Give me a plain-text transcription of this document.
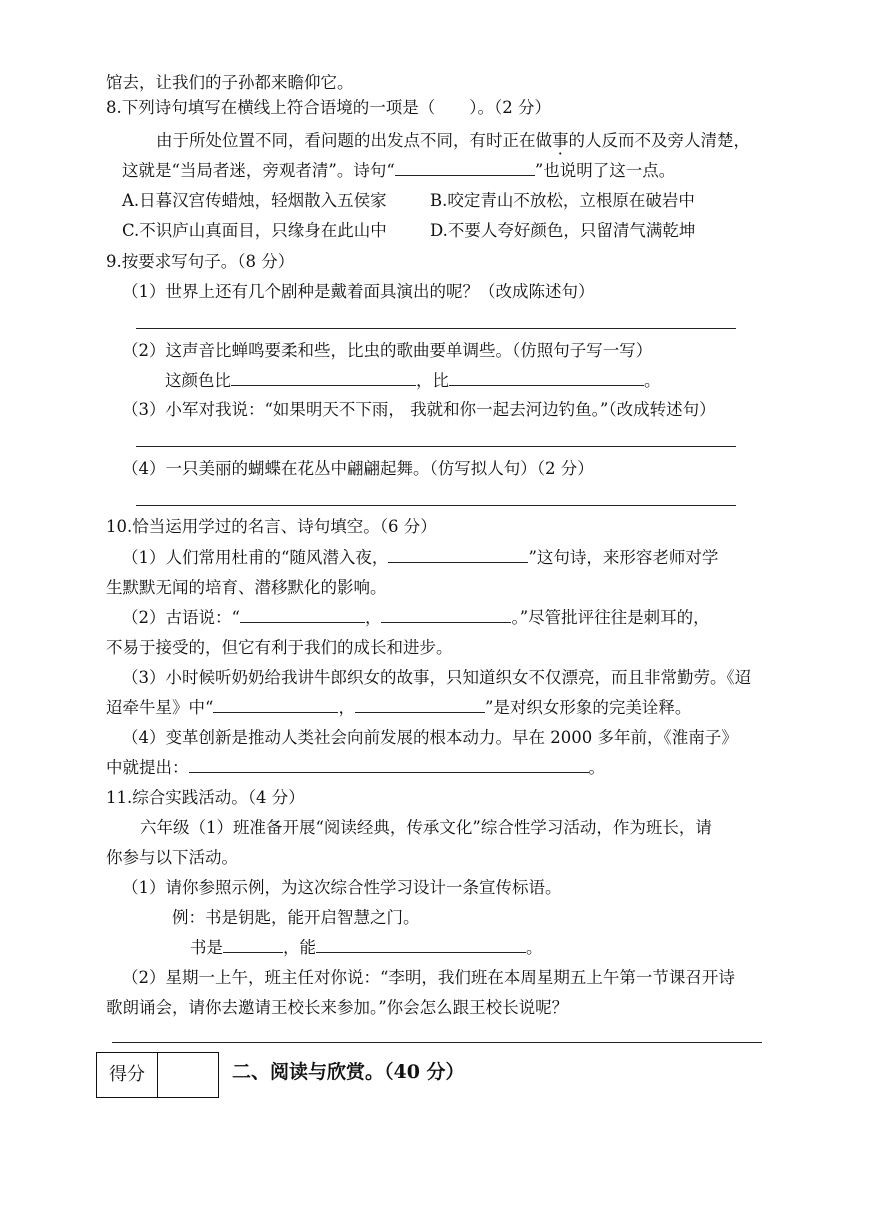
馆去，让我们的子孙都来瞻仰它。
8.下列诗句填写在横线上符合语境的一项是（ ）。（2 分）
由于所处位置不同，看问题的出发点不同，有时正在做事的人反而不及旁人清楚，
这就是“当局者迷，旁观者清”。诗句“	”也说明了这一点。
A.日暮汉宫传蜡烛，轻烟散入五侯家	B.咬定青山不放松，立根原在破岩中
C.不识庐山真面目，只缘身在此山中	D.不要人夸好颜色，只留清气满乾坤
9.按要求写句子。（8 分）
（1）世界上还有几个剧种是戴着面具演出的呢？（改成陈述句）
（2）这声音比蝉鸣要柔和些，比虫的歌曲要单调些。（仿照句子写一写）
这颜色比	，比	。
（3）小军对我说：“如果明天不下雨， 我就和你一起去河边钓鱼。”（改成转述句）
（4）一只美丽的蝴蝶在花丛中翩翩起舞。（仿写拟人句）（2 分）
10.恰当运用学过的名言、诗句填空。（6 分）
（1）人们常用杜甫的“随风潜入夜，	”这句诗，来形容老师对学
生默默无闻的培育、潜移默化的影响。
（2）古语说：“	，	。”尽管批评往往是刺耳的，
不易于接受的，但它有利于我们的成长和进步。
（3）小时候听奶奶给我讲牛郎织女的故事，只知道织女不仅漂亮，而且非常勤劳。《迢
迢牵牛星》中“	，	”是对织女形象的完美诠释。
（4）变革创新是推动人类社会向前发展的根本动力。早在 2000 多年前，《淮南子》
中就提出：	。
11.综合实践活动。（4 分）
六年级（1）班准备开展“阅读经典，传承文化”综合性学习活动，作为班长，请
你参与以下活动。
（1）请你参照示例，为这次综合性学习设计一条宣传标语。
例：书是钥匙，能开启智慧之门。
书是	，能	。
（2）星期一上午，班主任对你说：“李明，我们班在本周星期五上午第一节课召开诗
歌朗诵会，请你去邀请王校长来参加。”你会怎么跟王校长说呢？
得分	二、阅读与欣赏。（40 分）
